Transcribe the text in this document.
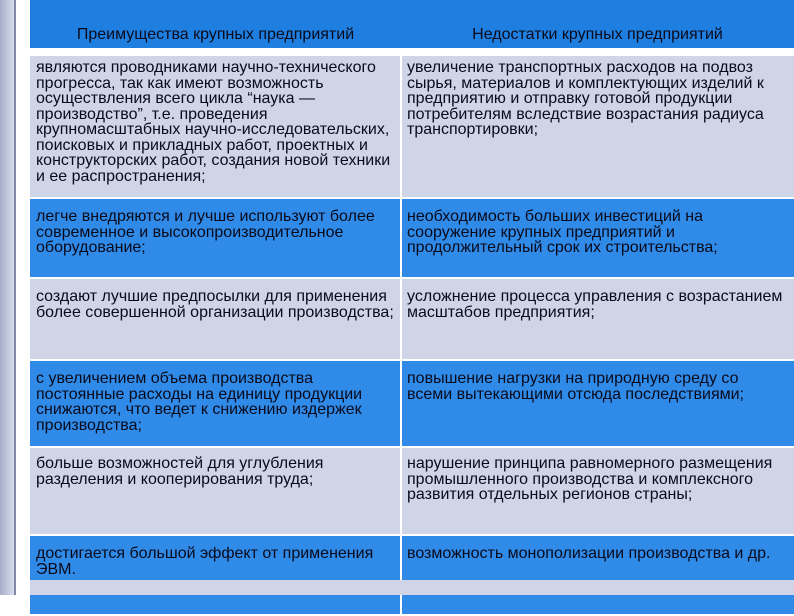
Преимущества крупных предприятий	Недостатки крупных предприятий
являются проводниками научно-технического прогресса, так как имеют возможность осуществления всего цикла “наука — производство”, т.е. проведения крупномасштабных научно-исследовательских, поисковых и прикладных работ, проектных и конструкторских работ, создания новой техники и ее распространения;	увеличение транспортных расходов на подвоз сырья, материалов и комплектующих изделий к предприятию и отправку готовой продукции потребителям вследствие возрастания радиуса транспортировки;
легче внедряются и лучше используют более современное и высокопроизводительное оборудование;	необходимость больших инвестиций на сооружение крупных предприятий и продолжительный срок их строительства;
создают лучшие предпосылки для применения более совершенной организации производства;	усложнение процесса управления с возрастанием масштабов предприятия;
с увеличением объема производства постоянные расходы на единицу продукции снижаются, что ведет к снижению издержек производства;	повышение нагрузки на природную среду со всеми вытекающими отсюда последствиями;
больше возможностей для углубления разделения и кооперирования труда;	нарушение принципа равномерного размещения промышленного производства и комплексного развития отдельных регионов страны;
достигается большой эффект от применения ЭВМ.	возможность монополизации производства и др.
